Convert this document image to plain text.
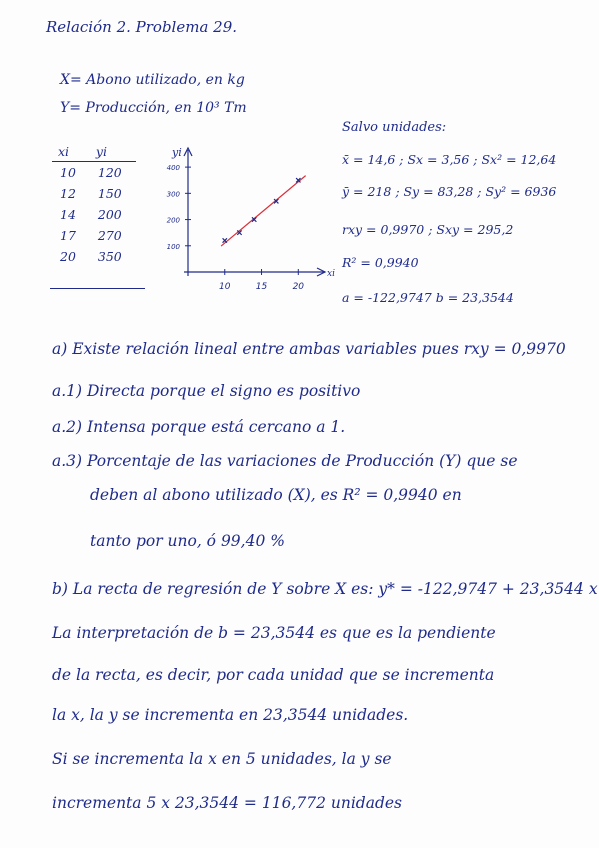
Relación 2. Problema 29.
X= Abono utilizado, en kg
Y= Producción, en 10³ Tm
xi	yi
10	120
12	150
14	200
17	270
20	350
400
300
200
100
10	15	20
yi
xi
Salvo unidades:
x̄ = 14,6 ; Sx = 3,56 ; Sx² = 12,64
ȳ = 218 ; Sy = 83,28 ; Sy² = 6936
rxy = 0,9970 ; Sxy = 295,2
R² = 0,9940
a = -122,9747 b = 23,3544
a) Existe relación lineal entre ambas variables pues rxy = 0,9970
a.1) Directa porque el signo es positivo
a.2) Intensa porque está cercano a 1.
a.3) Porcentaje de las variaciones de Producción (Y) que se
deben al abono utilizado (X), es R² = 0,9940 en
tanto por uno, ó 99,40 %
b) La recta de regresión de Y sobre X es: y* = -122,9747 + 23,3544 x
La interpretación de b = 23,3544 es que es la pendiente
de la recta, es decir, por cada unidad que se incrementa
la x, la y se incrementa en 23,3544 unidades.
Si se incrementa la x en 5 unidades, la y se
incrementa 5 x 23,3544 = 116,772 unidades
